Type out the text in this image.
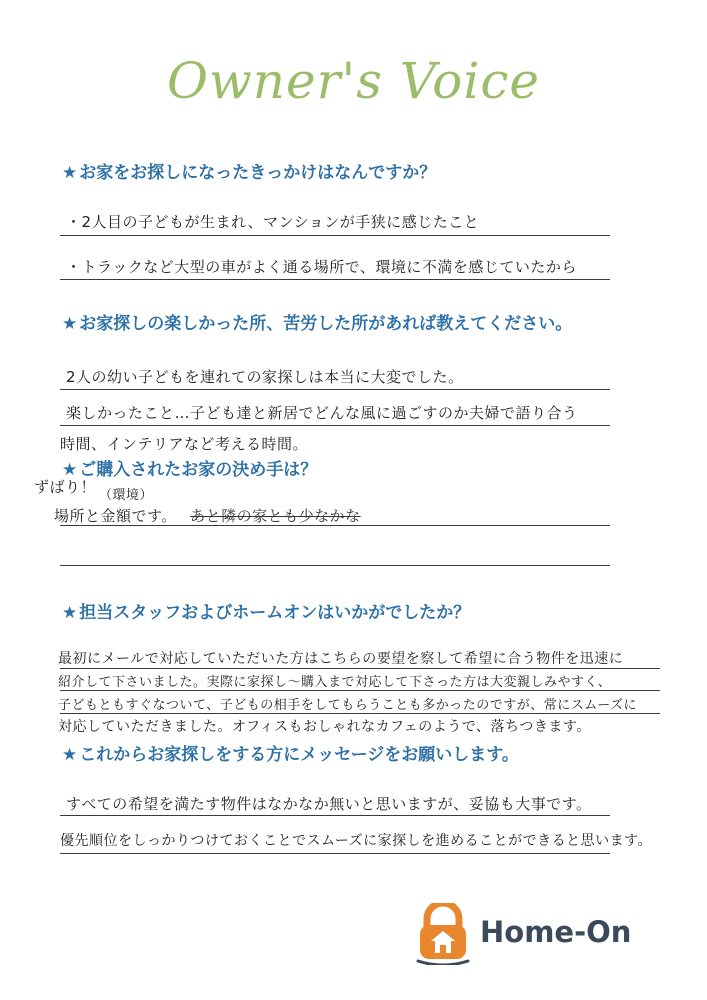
Owner's Voice
★ お家をお探しになったきっかけはなんですか？
・2人目の子どもが生まれ、マンションが手狭に感じたこと
・トラックなど大型の車がよく通る場所で、環境に不満を感じていたから
★ お家探しの楽しかった所、苦労した所があれば教えてください。
2人の幼い子どもを連れての家探しは本当に大変でした。
楽しかったこと…子ども達と新居でどんな風に過ごすのか夫婦で語り合う
時間、インテリアなど考える時間。
★ ご購入されたお家の決め手は？
ずばり！ （環境）
場所と金額です。 あと隣の家とも少なかな
★ 担当スタッフおよびホームオンはいかがでしたか？
最初にメールで対応していただいた方はこちらの要望を察して希望に合う物件を迅速に
紹介して下さいました。実際に家探し～購入まで対応して下さった方は大変親しみやすく、
子どもともすぐなついて、子どもの相手をしてもらうことも多かったのですが、常にスムーズに
対応していただきました。オフィスもおしゃれなカフェのようで、落ちつきます。
★ これからお家探しをする方にメッセージをお願いします。
すべての希望を満たす物件はなかなか無いと思いますが、妥協も大事です。
優先順位をしっかりつけておくことでスムーズに家探しを進めることができると思います。
Home-On
